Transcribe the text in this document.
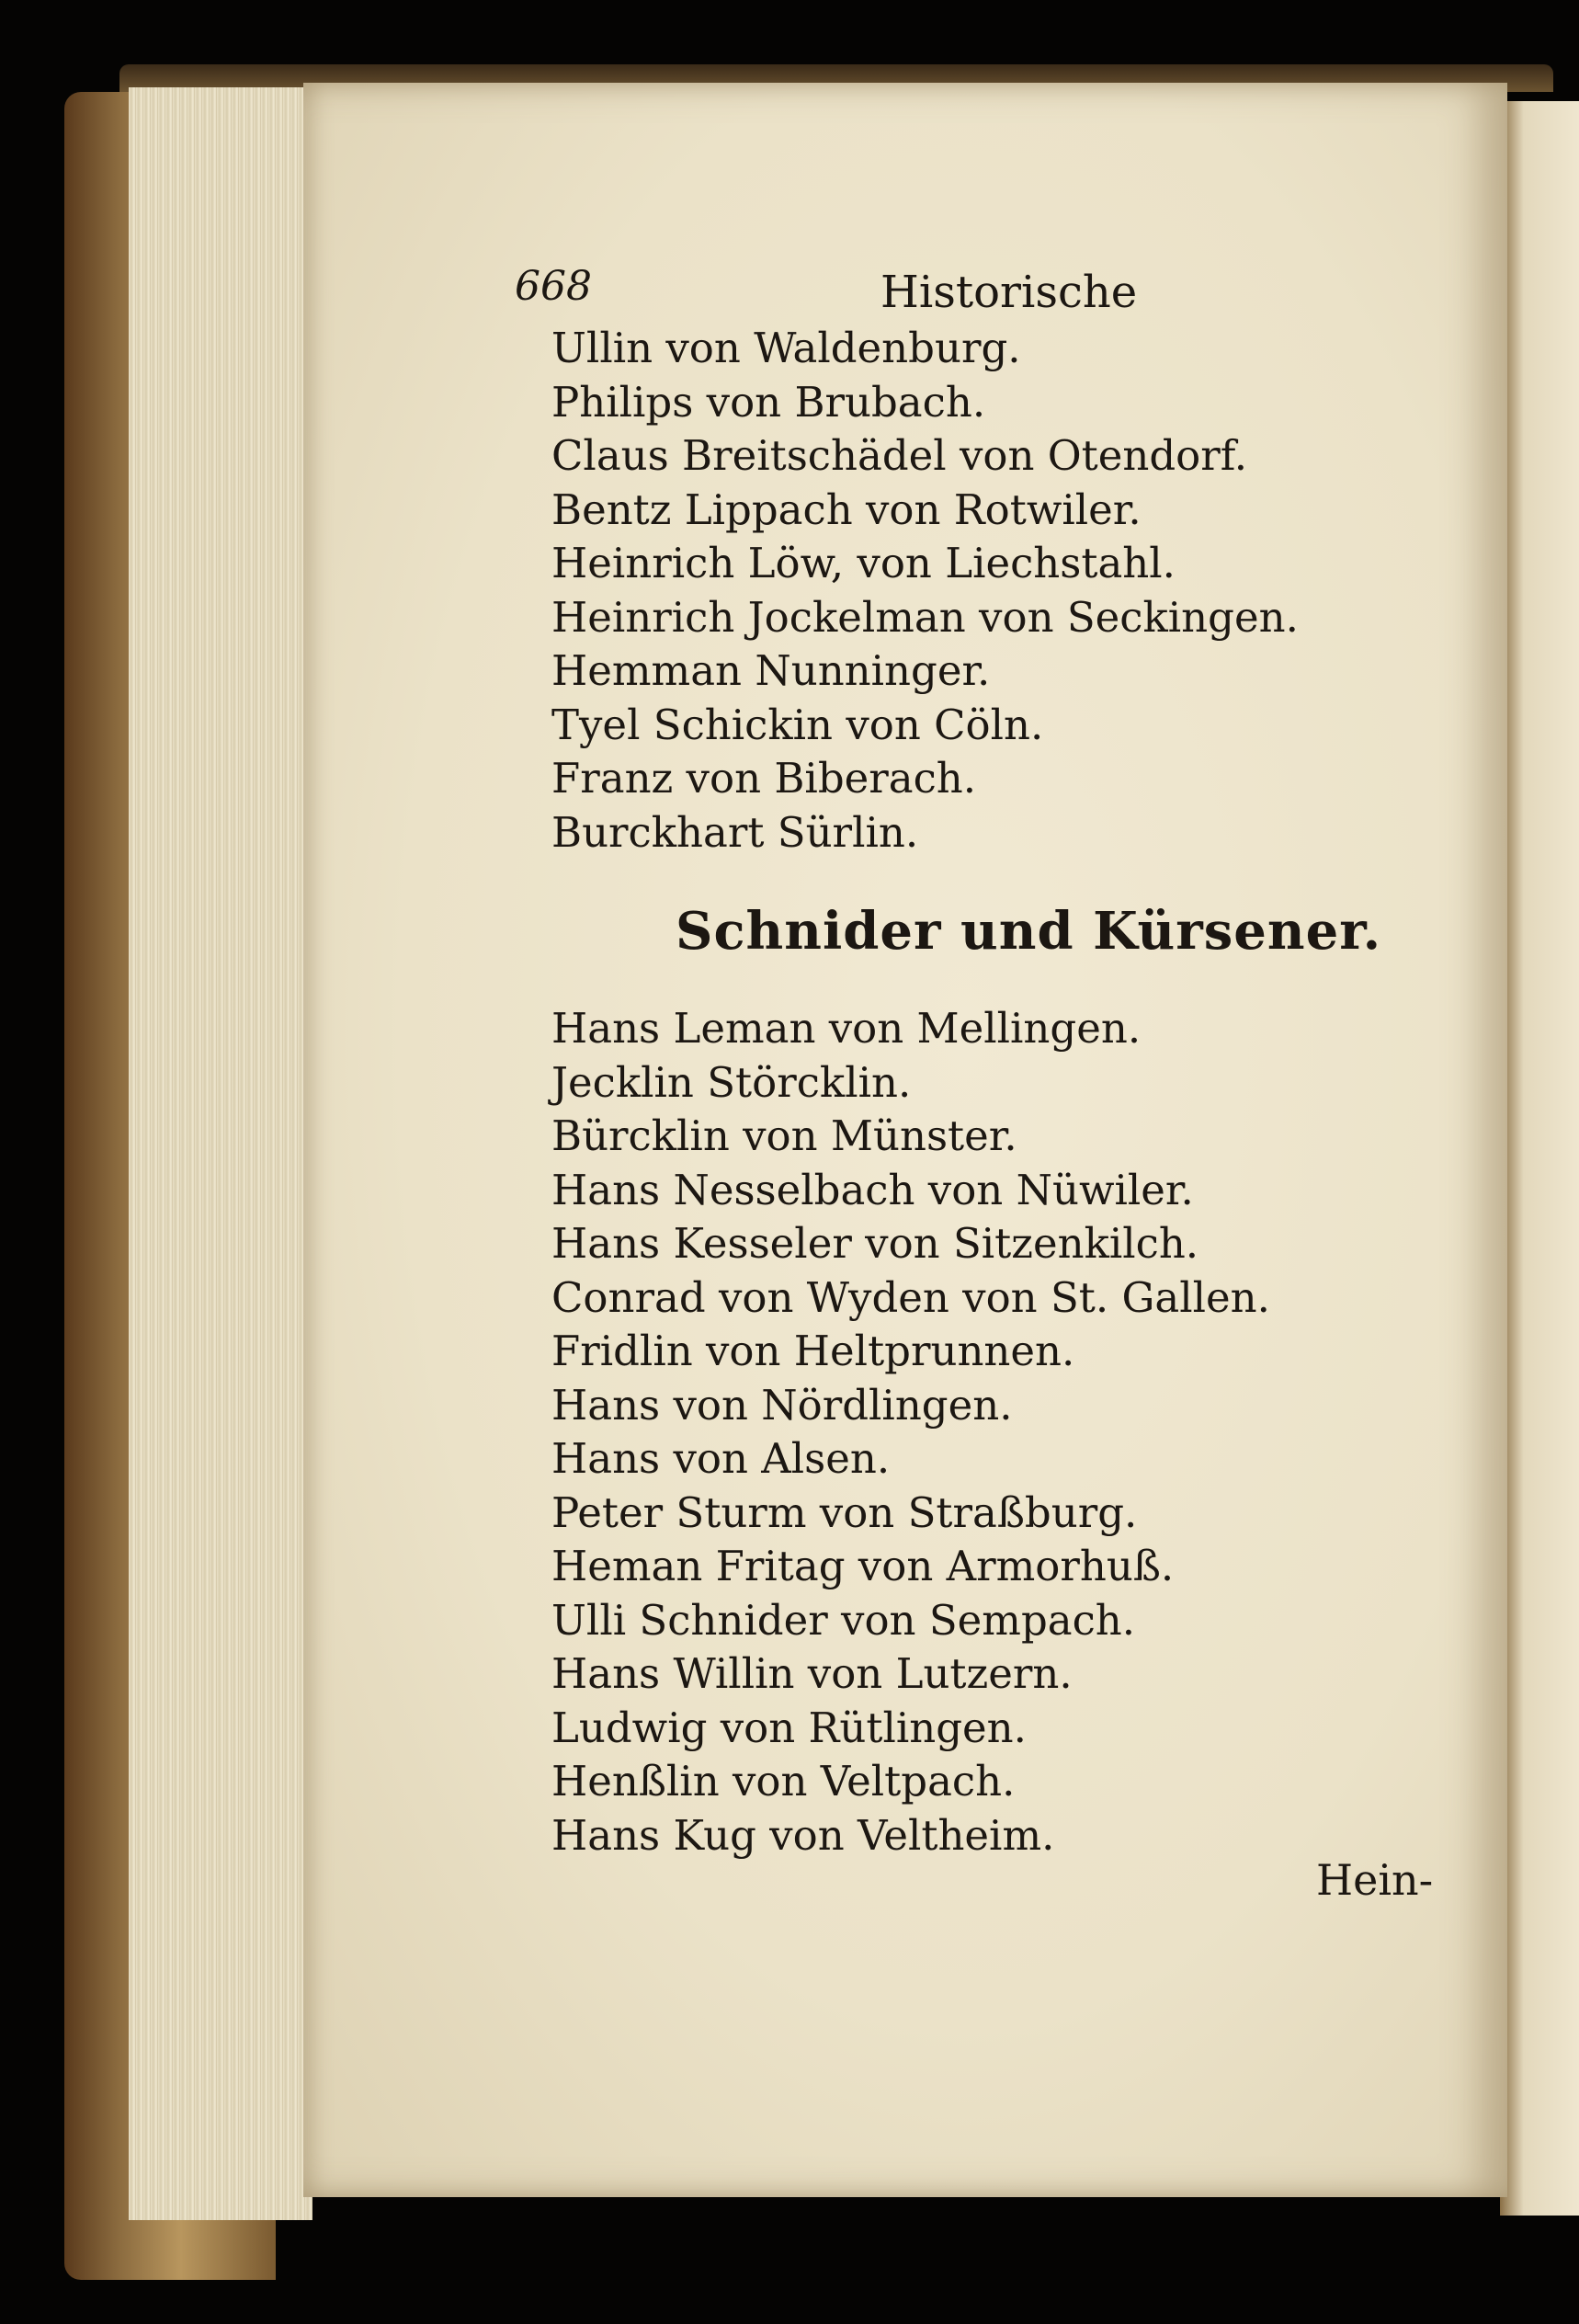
668	Historische
Ullin von Waldenburg.
Philips von Brubach.
Claus Breitschädel von Otendorf.
Bentz Lippach von Rotwiler.
Heinrich Löw, von Liechstahl.
Heinrich Jockelman von Seckingen.
Hemman Nunninger.
Tyel Schickin von Cöln.
Franz von Biberach.
Burckhart Sürlin.
Schnider und Kürsener.
Hans Leman von Mellingen.
Jecklin Störcklin.
Bürcklin von Münster.
Hans Nesselbach von Nüwiler.
Hans Kesseler von Sitzenkilch.
Conrad von Wyden von St. Gallen.
Fridlin von Heltprunnen.
Hans von Nördlingen.
Hans von Alsen.
Peter Sturm von Straßburg.
Heman Fritag von Armorhuß.
Ulli Schnider von Sempach.
Hans Willin von Lutzern.
Ludwig von Rütlingen.
Henßlin von Veltpach.
Hans Kug von Veltheim.
Hein-
